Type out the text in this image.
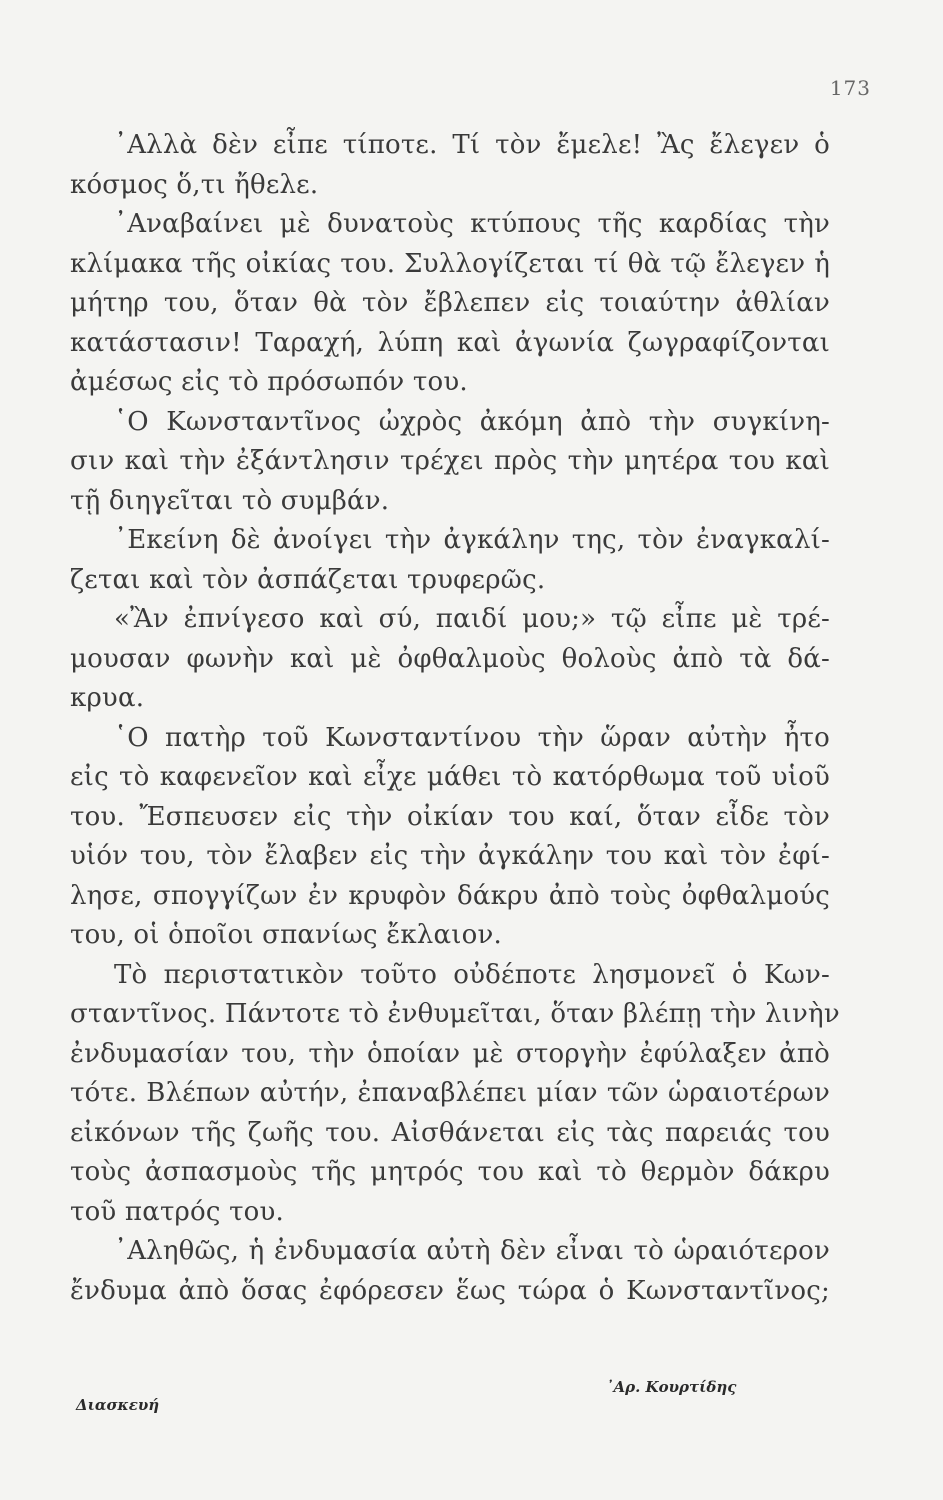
173
᾿Αλλὰ δὲν εἶπε τίποτε. Τί τὸν ἔμελε! Ἂς ἔλεγεν ὁ
κόσμος ὅ,τι ἤθελε.
᾿Αναβαίνει μὲ δυνατοὺς κτύπους τῆς καρδίας τὴν
κλίμακα τῆς οἰκίας του. Συλλογίζεται τί θὰ τῷ ἔλεγεν ἡ
μήτηρ του, ὅταν θὰ τὸν ἔβλεπεν εἰς τοιαύτην ἀθλίαν
κατάστασιν! Ταραχή, λύπη καὶ ἀγωνία ζωγραφίζονται
ἀμέσως εἰς τὸ πρόσωπόν του.
῾Ο Κωνσταντῖνος ὠχρὸς ἀκόμη ἀπὸ τὴν συγκίνη-
σιν καὶ τὴν ἐξάντλησιν τρέχει πρὸς τὴν μητέρα του καὶ
τῇ διηγεῖται τὸ συμβάν.
᾿Εκείνη δὲ ἀνοίγει τὴν ἀγκάλην της, τὸν ἐναγκαλί-
ζεται καὶ τὸν ἀσπάζεται τρυφερῶς.
«Ἂν ἐπνίγεσο καὶ σύ, παιδί μου;» τῷ εἶπε μὲ τρέ-
μουσαν φωνὴν καὶ μὲ ὀφθαλμοὺς θολοὺς ἀπὸ τὰ δά-
κρυα.
῾Ο πατὴρ τοῦ Κωνσταντίνου τὴν ὥραν αὐτὴν ἦτο
εἰς τὸ καφενεῖον καὶ εἶχε μάθει τὸ κατόρθωμα τοῦ υἱοῦ
του. Ἔσπευσεν εἰς τὴν οἰκίαν του καί, ὅταν εἶδε τὸν
υἱόν του, τὸν ἔλαβεν εἰς τὴν ἀγκάλην του καὶ τὸν ἐφί-
λησε, σπογγίζων ἐν κρυφὸν δάκρυ ἀπὸ τοὺς ὀφθαλμούς
του, οἱ ὁποῖοι σπανίως ἔκλαιον.
Τὸ περιστατικὸν τοῦτο οὐδέποτε λησμονεῖ ὁ Κων-
σταντῖνος. Πάντοτε τὸ ἐνθυμεῖται, ὅταν βλέπῃ τὴν λινὴν
ἐνδυμασίαν του, τὴν ὁποίαν μὲ στοργὴν ἐφύλαξεν ἀπὸ
τότε. Βλέπων αὐτήν, ἐπαναβλέπει μίαν τῶν ὡραιοτέρων
εἰκόνων τῆς ζωῆς του. Αἰσθάνεται εἰς τὰς παρειάς του
τοὺς ἀσπασμοὺς τῆς μητρός του καὶ τὸ θερμὸν δάκρυ
τοῦ πατρός του.
᾿Αληθῶς, ἡ ἐνδυμασία αὐτὴ δὲν εἶναι τὸ ὡραιότερον
ἔνδυμα ἀπὸ ὅσας ἐφόρεσεν ἕως τώρα ὁ Κωνσταντῖνος;
Διασκευή
᾿Αρ. Κουρτίδης
